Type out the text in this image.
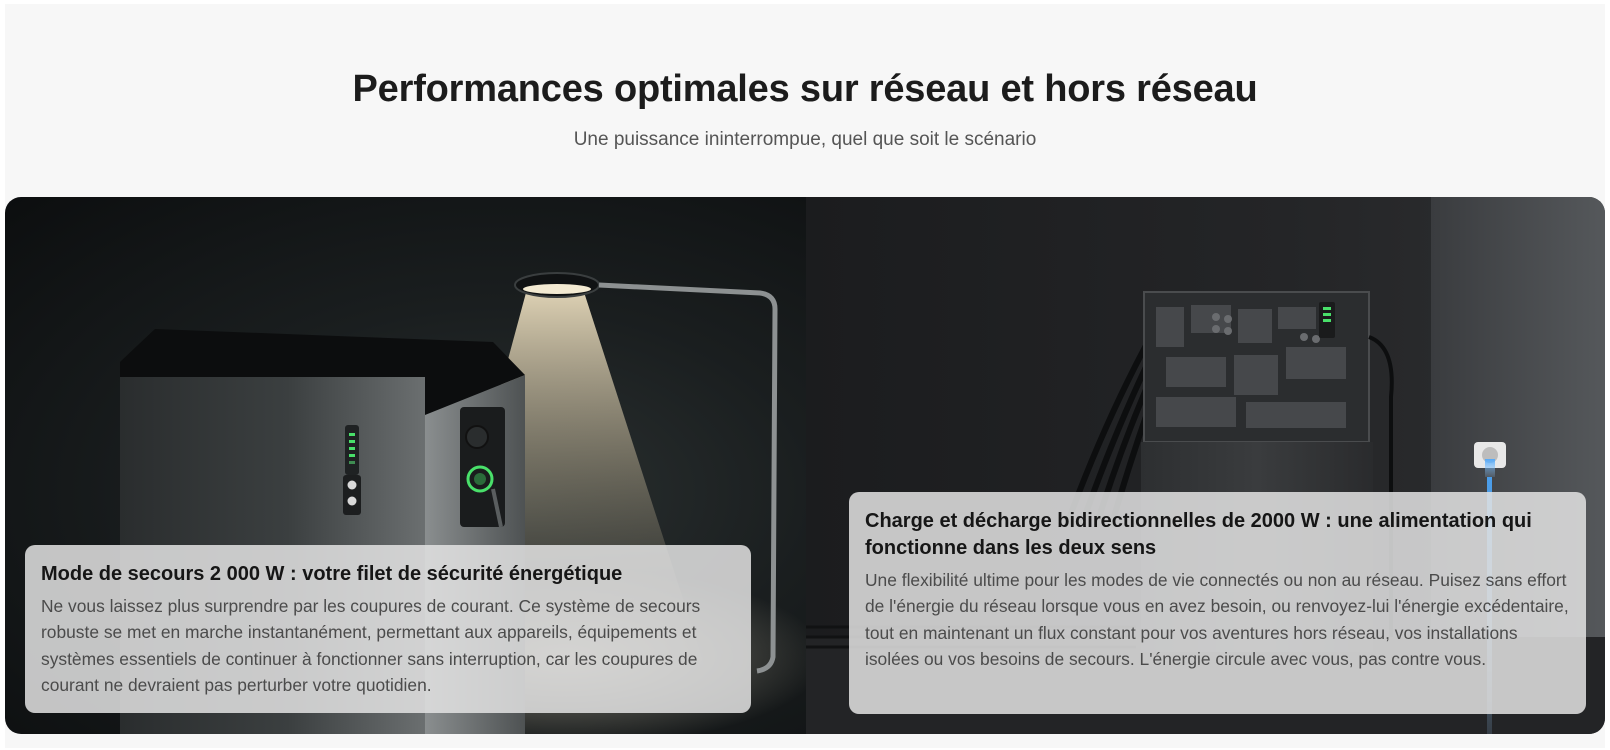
Performances optimales sur réseau et hors réseau

Une puissance ininterrompue, quel que soit le scénario

Mode de secours 2 000 W : votre filet de sécurité énergétique

Ne vous laissez plus surprendre par les coupures de courant. Ce système de secours robuste se met en marche instantanément, permettant aux appareils, équipements et systèmes essentiels de continuer à fonctionner sans interruption, car les coupures de courant ne devraient pas perturber votre quotidien.

Charge et décharge bidirectionnelles de 2000 W : une alimentation qui fonctionne dans les deux sens

Une flexibilité ultime pour les modes de vie connectés ou non au réseau. Puisez sans effort de l'énergie du réseau lorsque vous en avez besoin, ou renvoyez-lui l'énergie excédentaire, tout en maintenant un flux constant pour vos aventures hors réseau, vos installations isolées ou vos besoins de secours. L'énergie circule avec vous, pas contre vous.
